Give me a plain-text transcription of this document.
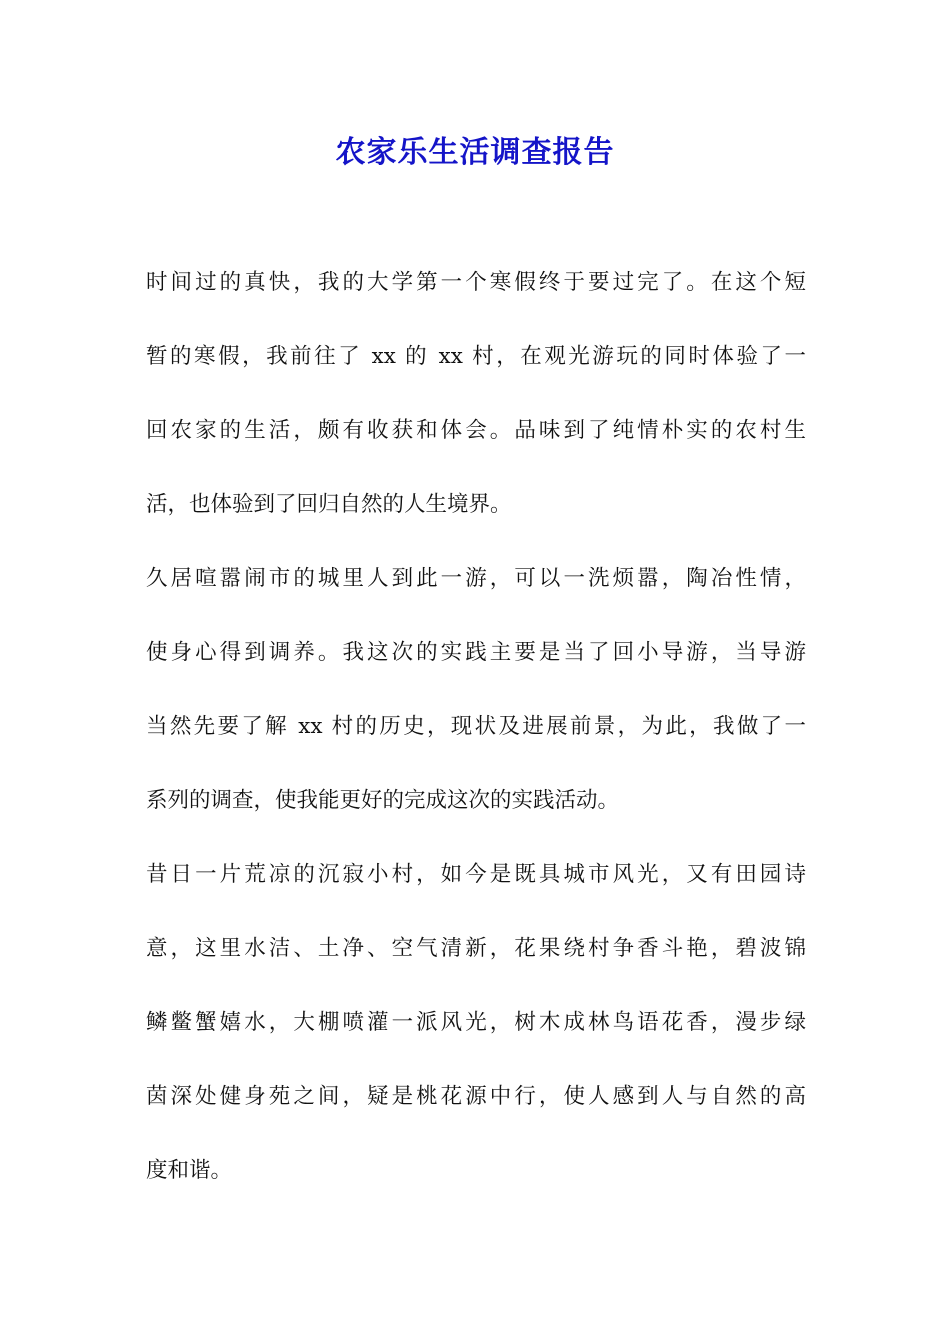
农家乐生活调查报告
时间过的真快，我的大学第一个寒假终于要过完了。在这个短
暂的寒假，我前往了 xx 的 xx 村，在观光游玩的同时体验了一
回农家的生活，颇有收获和体会。品味到了纯情朴实的农村生
活，也体验到了回归自然的人生境界。
久居喧嚣闹市的城里人到此一游，可以一洗烦嚣，陶冶性情，
使身心得到调养。我这次的实践主要是当了回小导游，当导游
当然先要了解 xx 村的历史，现状及进展前景，为此，我做了一
系列的调查，使我能更好的完成这次的实践活动。
昔日一片荒凉的沉寂小村，如今是既具城市风光，又有田园诗
意，这里水洁、土净、空气清新，花果绕村争香斗艳，碧波锦
鳞鳖蟹嬉水，大棚喷灌一派风光，树木成林鸟语花香，漫步绿
茵深处健身苑之间，疑是桃花源中行，使人感到人与自然的高
度和谐。
